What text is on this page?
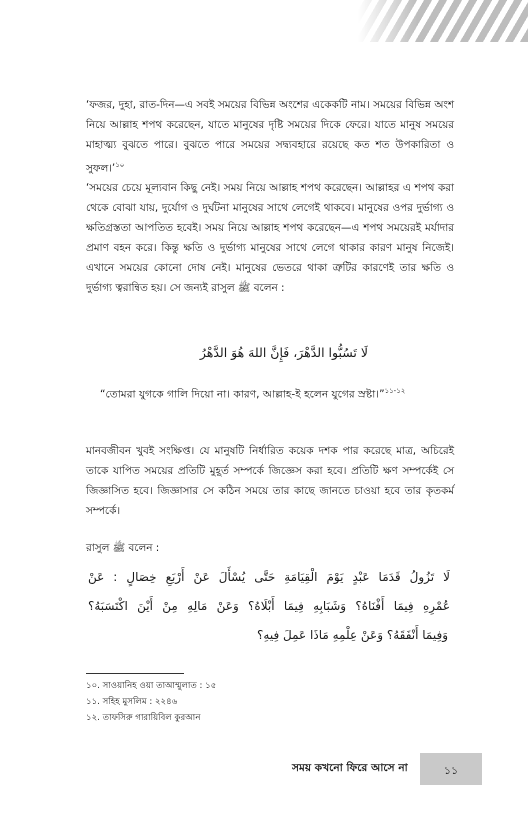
‘ফজর, দুহা, রাত-দিন—এ সবই সময়ের বিভিন্ন অংশের একেকটি নাম। সময়ের বিভিন্ন অংশ নিয়ে আল্লাহ শপথ করেছেন, যাতে মানুষের দৃষ্টি সময়ের দিকে ফেরে। যাতে মানুষ সময়ের মাহাত্ম্য বুঝতে পারে। বুঝতে পারে সময়ের সদ্ব্যবহারে রয়েছে কত শত উপকারিতা ও সুফল।’$^{১০}$

‘সময়ের চেয়ে মূল্যবান কিছু নেই। সময় নিয়ে আল্লাহ শপথ করেছেন। আল্লাহর এ শপথ করা থেকে বোঝা যায়, দুর্যোগ ও দুর্ঘটনা মানুষের সাথে লেগেই থাকবে। মানুষের ওপর দুর্ভাগ্য ও ক্ষতিগ্রস্ততা আপতিত হবেই। সময় নিয়ে আল্লাহ শপথ করেছেন—এ শপথ সময়েরই মর্যাদার প্রমাণ বহন করে। কিন্তু ক্ষতি ও দুর্ভাগ্য মানুষের সাথে লেগে থাকার কারণ মানুষ নিজেই। এখানে সময়ের কোনো দোষ নেই। মানুষের ভেতরে থাকা ত্রুটির কারণেই তার ক্ষতি ও দুর্ভাগ্য ত্বরান্বিত হয়। সে জন্যই রাসুল ﷺ বলেন :

لَا تَسُبُّوا الدَّهْرَ، فَإِنَّ اللهَ هُوَ الدَّهْرُ

“তোমরা যুগকে গালি দিয়ো না। কারণ, আল্লাহ-ই হলেন যুগের স্রষ্টা।”$^{১১-১২}$

মানবজীবন খুবই সংক্ষিপ্ত। যে মানুষটি নির্ধারিত কয়েক দশক পার করেছে মাত্র, অচিরেই তাকে যাপিত সময়ের প্রতিটি মুহূর্ত সম্পর্কে জিজ্ঞেস করা হবে। প্রতিটি ক্ষণ সম্পর্কেই সে জিজ্ঞাসিত হবে। জিজ্ঞাসার সে কঠিন সময়ে তার কাছে জানতে চাওয়া হবে তার কৃতকর্ম সম্পর্কে।

রাসুল ﷺ বলেন :

لَا تَزُولُ قَدَمَا عَبْدٍ يَوْمَ الْقِيَامَةِ حَتَّى يُسْأَلَ عَنْ أَرْبَعِ خِصَالٍ : عَنْ

عُمْرِهِ فِيمَا أَفْنَاهُ؟ وَشَبَابِهِ فِيمَا أَبْلَاهُ؟ وَعَنْ مَالِهِ مِنْ أَيْنَ اكْتَسَبَهُ؟

وَفِيمَا أَنْفَقَهُ؟ وَعَنْ عِلْمِهِ مَاذَا عَمِلَ فِيهِ؟

১০. সাওয়ানিহ ওয়া তাআম্মুলাত : ১৫

১১. সহিহ মুসলিম : ২২৪৬

১২. তাফসিরু গারায়িবিল কুরআন

সময় কখনো ফিরে আসে না	১১
